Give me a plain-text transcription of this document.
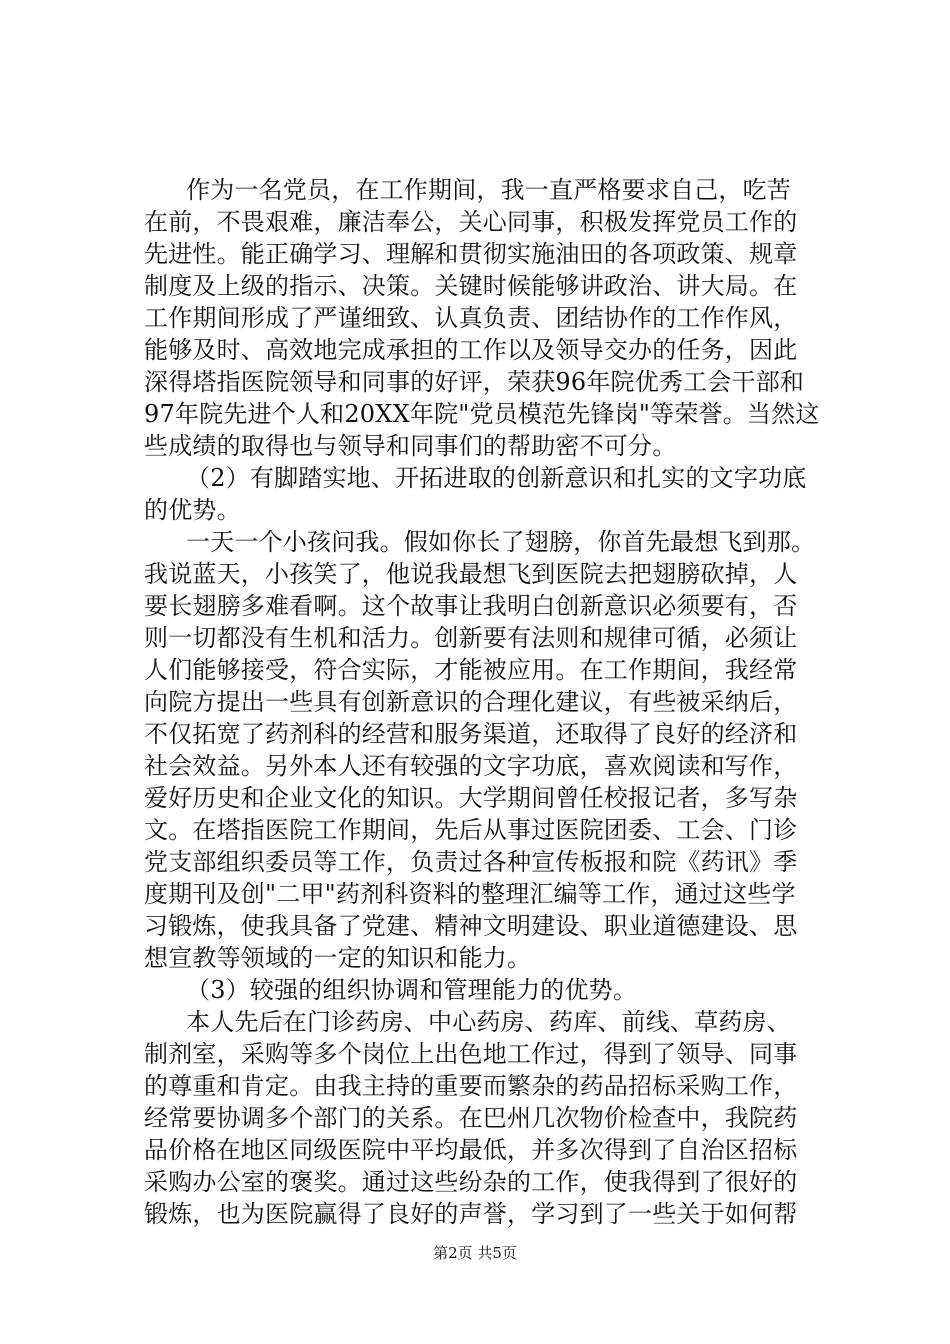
作为一名党员，在工作期间，我一直严格要求自己，吃苦
在前，不畏艰难，廉洁奉公，关心同事，积极发挥党员工作的
先进性。能正确学习、理解和贯彻实施油田的各项政策、规章
制度及上级的指示、决策。关键时候能够讲政治、讲大局。在
工作期间形成了严谨细致、认真负责、团结协作的工作作风，
能够及时、高效地完成承担的工作以及领导交办的任务，因此
深得塔指医院领导和同事的好评，荣获96年院优秀工会干部和
97年院先进个人和20XX年院"党员模范先锋岗"等荣誉。当然这
些成绩的取得也与领导和同事们的帮助密不可分。
（2）有脚踏实地、开拓进取的创新意识和扎实的文字功底
的优势。
一天一个小孩问我。假如你长了翅膀，你首先最想飞到那。
我说蓝天，小孩笑了，他说我最想飞到医院去把翅膀砍掉，人
要长翅膀多难看啊。这个故事让我明白创新意识必须要有，否
则一切都没有生机和活力。创新要有法则和规律可循，必须让
人们能够接受，符合实际，才能被应用。在工作期间，我经常
向院方提出一些具有创新意识的合理化建议，有些被采纳后，
不仅拓宽了药剂科的经营和服务渠道，还取得了良好的经济和
社会效益。另外本人还有较强的文字功底，喜欢阅读和写作，
爱好历史和企业文化的知识。大学期间曾任校报记者，多写杂
文。在塔指医院工作期间，先后从事过医院团委、工会、门诊
党支部组织委员等工作，负责过各种宣传板报和院《药讯》季
度期刊及创"二甲"药剂科资料的整理汇编等工作，通过这些学
习锻炼，使我具备了党建、精神文明建设、职业道德建设、思
想宣教等领域的一定的知识和能力。
（3）较强的组织协调和管理能力的优势。
本人先后在门诊药房、中心药房、药库、前线、草药房、
制剂室，采购等多个岗位上出色地工作过，得到了领导、同事
的尊重和肯定。由我主持的重要而繁杂的药品招标采购工作，
经常要协调多个部门的关系。在巴州几次物价检查中，我院药
品价格在地区同级医院中平均最低，并多次得到了自治区招标
采购办公室的褒奖。通过这些纷杂的工作，使我得到了很好的
锻炼，也为医院赢得了良好的声誉，学习到了一些关于如何帮
第2页 共5页
